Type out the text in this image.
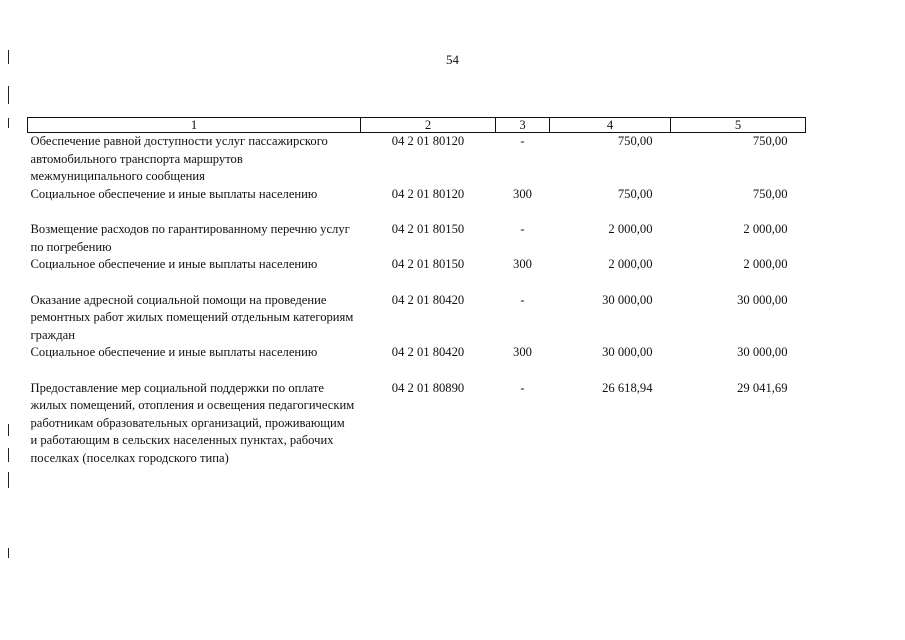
54
1	2	3	4	5
Обеспечение равной доступности услуг пассажирского автомобильного транспорта маршрутов межмуниципального сообщения	04 2 01 80120	-	750,00	750,00
Социальное обеспечение и иные выплаты населению	04 2 01 80120	300	750,00	750,00

Возмещение расходов по гарантированному перечню услуг по погребению	04 2 01 80150	-	2 000,00	2 000,00
Социальное обеспечение и иные выплаты населению	04 2 01 80150	300	2 000,00	2 000,00

Оказание адресной социальной помощи на проведение ремонтных работ жилых помещений отдельным категориям граждан	04 2 01 80420	-	30 000,00	30 000,00
Социальное обеспечение и иные выплаты населению	04 2 01 80420	300	30 000,00	30 000,00

Предоставление мер социальной поддержки по оплате жилых помещений, отопления и освещения педагогическим работникам образовательных организаций, проживающим и работающим в сельских населенных пунктах, рабочих поселках (поселках городского типа)	04 2 01 80890	-	26 618,94	29 041,69
